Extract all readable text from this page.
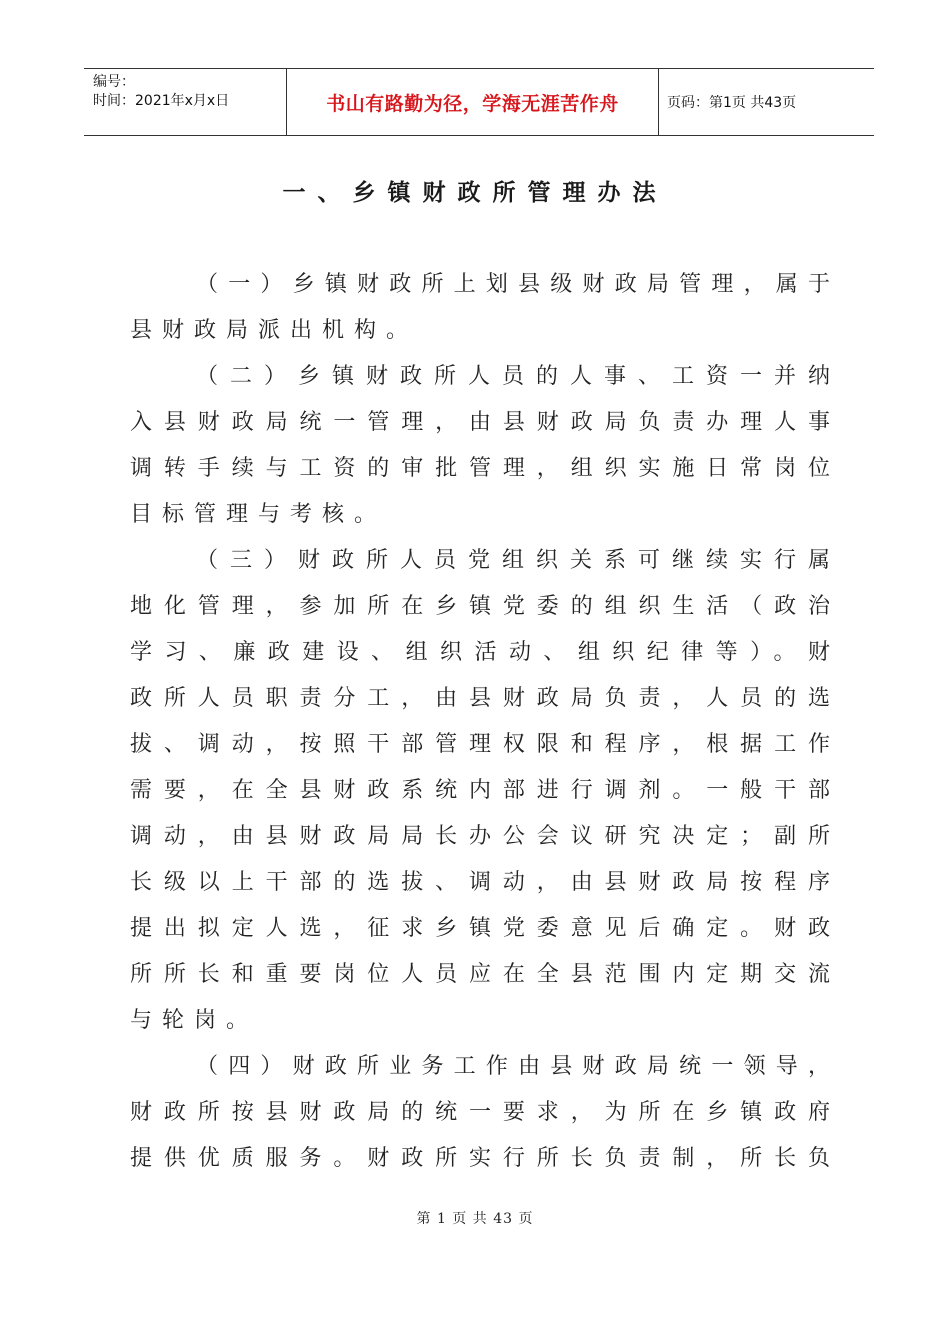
编号：
时间：2021年x月x日	书山有路勤为径，学海无涯苦作舟	页码：第1页 共43页
一、乡镇财政所管理办法
（一）乡镇财政所上划县级财政局管理，属于
县财政局派出机构。
（二）乡镇财政所人员的人事、工资一并纳
入县财政局统一管理，由县财政局负责办理人事
调转手续与工资的审批管理，组织实施日常岗位
目标管理与考核。
（三）财政所人员党组织关系可继续实行属
地化管理，参加所在乡镇党委的组织生活（政治
学习、廉政建设、组织活动、组织纪律等）。财
政所人员职责分工，由县财政局负责，人员的选
拔、调动，按照干部管理权限和程序，根据工作
需要，在全县财政系统内部进行调剂。一般干部
调动，由县财政局局长办公会议研究决定；副所
长级以上干部的选拔、调动，由县财政局按程序
提出拟定人选，征求乡镇党委意见后确定。财政
所所长和重要岗位人员应在全县范围内定期交流
与轮岗。
（四）财政所业务工作由县财政局统一领导，
财政所按县财政局的统一要求，为所在乡镇政府
提供优质服务。财政所实行所长负责制，所长负
第 1 页 共 43 页
